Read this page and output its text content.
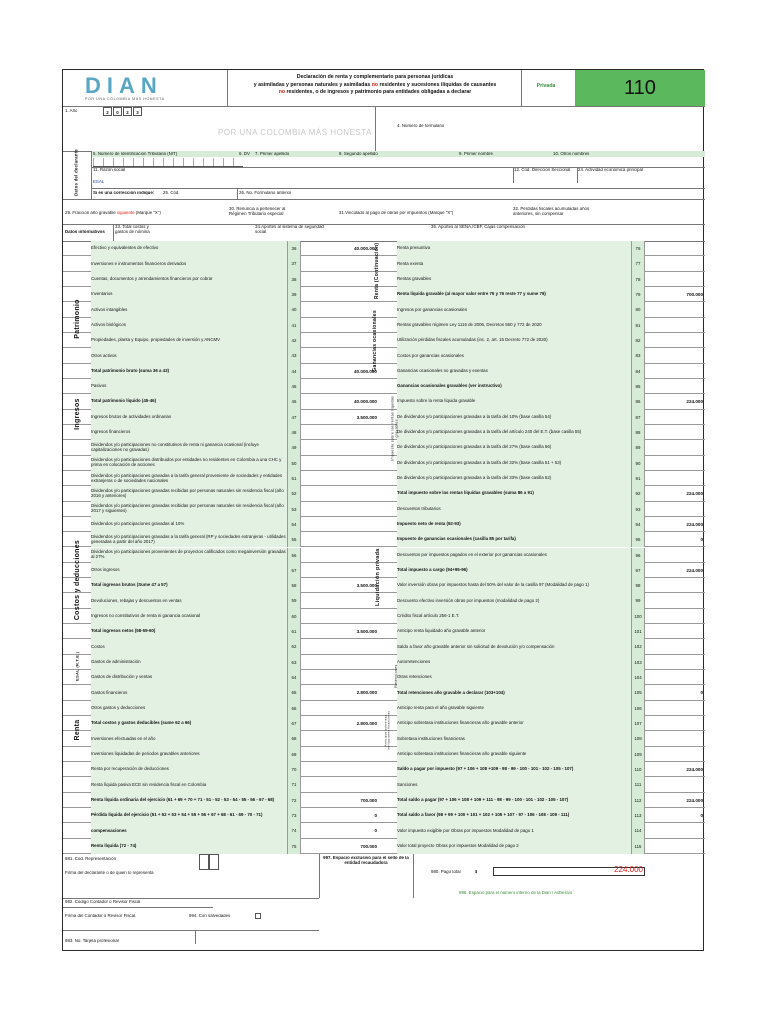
DIAN
POR UNA COLOMBIA MÁS HONESTA
Declaración de renta y complementario para personas jurídicas
y asimiladas y personas naturales y asimiladas no residentes y sucesiones ilíquidas de causantes
no residentes, o de ingresos y patrimonio para entidades obligadas a declarar
Privada	110
1. Año	2	0	2	3
POR UNA COLOMBIA MÁS HONESTA
4. Número de formulario
Datos del declarante	5. Número de Identificación Tributaria (NIT)	6. DV 7. Primer apellido	8. Segundo apellido	9. Primer nombre	10. Otros nombres
11. Razón social	12. Cód. Dirección Seccional 24. Actividad económica principal
ESAL
Si es una corrección indique: 25. Cód.	26. No. Formulario anterior
29. Fracción año gravable siguiente (Marque "X")
30. Renuncia a pertenecer al Régimen Tributario especial	31.Vinculado al pago de obras por impuestos (Marque "X")
32. Pérdidas fiscales acumuladas años anteriores, sin compensar
Datos informativos
33. Total costos y gastos de nómina
34.Aportes al sistema de seguridad social
35. Aportes al SENA,ICBF, Cajas compensación
Efectivo y equivalentes de efectivo	36	40.000.000
Inversiones e instrumentos financieros derivados	37
Cuentas, documentos y arrendamientos financieros por cobrar	38
Inventarios	39
Activos intangibles	40
Activos biológicos	41
Propiedades, planta y Equipo, propiedades de inversión y ANCMV	42
Otros activos	43
Total patrimonio bruto (suma 36 a 43)	44	40.000.000
Pasivos	45
Total patrimonio líquido (45-46)	46	40.000.000
Ingresos brutos de actividades ordinarias	47	3.500.000
Ingresos financieros	48
Dividendos y/o participaciones no constitutivos de renta ni ganancia ocasional (incluye capitalizaciones no gravadas)	49
Dividendos y/o participaciones distribuidos por entidades no residentes en Colombia a una CHC y prima en colocación de acciones	50
Dividendos y/o participaciones gravadas a la tarifa general proveniente de sociedades y entidades extranjeras o de sociedades nacionales	51
Dividendos y/o participaciones gravadas recibidas por personas naturales sin residencia fiscal (año 2016 y anteriores)	52
Dividendos y/o participaciones gravadas recibidas por personas naturales sin residencia fiscal (año 2017 y siguientes)	53
Dividendos y/o participaciones gravadas al 10%	54
Dividendos y/o participaciones gravadas a la tarifa general (RP y sociedades extranjeras - utilidades generadas a partir del año 2017)	55
Dividendos y/o participaciones provenientes de proyectos calificados como megainversión gravadas al 27%	56
Otros ingresos	57
Total ingresos brutos (Sume 47 a 57)	58	3.500.000
Devoluciones, rebajas y descuentos en ventas	59
Ingresos no constitutivos de renta ni ganancia ocasional	60
Total ingresos netos (58-59-60)	61	3.500.000
Costos	62
Gastos de administración	63
Gastos de distribución y ventas	64
Gastos financieros	65	2.800.000
Otros gastos y deducciones	66
Total costos y gastos deducibles (sume 62 a 66)	67	2.800.000
Inversiones efectuadas en el año	68
Inversiones liquidadas de periodos gravables anteriores	69
Renta por recuperación de deducciones	70
Renta líquida pasiva ECE sin residencia fiscal en Colombia	71
Renta líquida ordinaria del ejercicio (61 + 69 + 70 + 71 - 51 - 52 - 53 - 54 - 55 - 56 - 67 - 68)	72	700.000
Pérdida líquida del ejercicio (51 + 52 + 53 + 54 + 55 + 56 + 67 + 68 - 61 - 69 - 70 - 71)	73	0
compensaciones	74	0
Renta líquida (72 - 74)	75	700.000
Renta presuntiva	76
Renta exenta	77
Rentas gravables	78
Renta líquida gravable (al mayor valor entre 75 y 76 reste 77 y sume 78)	79	700.000
Ingresos por ganancias ocasionales	80
Rentas gravables régimen Ley 1116 de 2006, Decretos 560 y 772 de 2020	81
Utilización pérdidas fiscales acumuladas (inc. 2, art. 15 Decreto 772 de 2020)	82
Costos por ganancias ocasionales	83
Ganancias ocasionales no gravadas y exentas	84
Ganancias ocasionales gravables (ver instructivo)	85
Impuesto sobre la renta líquida gravable	86	224.000
De dividendos y/o participaciones gravadas a la tarifa del 10% (base casilla 54)	87
De dividendos y/o participaciones gravadas a la tarifa del artículo 240 del E.T. (base casilla 55)	88
De dividendos y/o participaciones gravadas a la tarifa del 27% (base casilla 56)	89
De dividendos y/o participaciones gravadas a la tarifa del 32% (base casilla 51 + 53)	90
De dividendos y/o participaciones gravadas a la tarifa del 33% (base casilla 52)	91
Total impuesto sobre las rentas líquidas gravables (suma 86 a 91)	92	224.000
Descuentos tributarios	93
Impuesto neto de renta (92-93)	94	224.000
Impuesto de ganancias ocasionales (casilla 85 por tarifa)	95	0
Descuentos por impuestos pagados en el exterior por ganancias ocasionales	96
Total impuesto a cargo (94+95-96)	97	224.000
Valor inversión obras por impuestos hasta del 50% del valor de la casilla 97 (Modalidad de pago 1)	98
Descuento efectivo inversión obras por impuestos (modalidad de pago 2)	99
Crédito fiscal artículo 256-1 E.T.	100
Anticipo renta liquidado año gravable anterior	101
Saldo a favor año gravable anterior sin solicitud de devolución y/o compensación	102
Autorretenciones	103
Otras retenciones	104
Total retenciones año gravable a declarar (103+104)	105	0
Anticipo renta para el año gravable siguiente	106
Anticipo sobretasa instituciones financieras año gravable anterior	107
Sobretasa instituciones financieras	108
Anticipo sobretasa instituciones financieras año gravable siguiente	109
Saldo a pagar por impuesto (97 + 106 + 108 +109 - 98 - 99 - 100 - 101 - 102 - 105 - 107)	110	224.000
Sanciones	111
Total saldo a pagar (97 + 106 + 108 + 109 + 111 - 98 - 99 - 100 - 101 - 102 - 105 - 107)	112	224.000
Total saldo a favor (98 + 99 + 100 + 101 + 102 + 105 + 107 - 97 - 106 - 108 - 109 - 111)	113	0
Valor impuesto exigible por Obras por impuestos Modalidad de pago 1	114
Valor total proyecto Obras por impuestos Modalidad de pago 2	115
Patrimonio
Ingresos
Costos y deducciones
ESAL (R.T.E.)
Renta
Renta (Continuación)
Ganancias ocasionales
Liquidación privada
Impuesto sobre las rentas líquidas gravables
Retenciones
Anticipos sobretasa instituciones financieras
981. Cód. Representación
Firma del declarante o de quien lo representa
997. Espacio exclusivo para el sello de la entidad recaudadora
980. Pago total	$	224.000
996. Espacio para el número interno de la Dian / Adhesivo
982. Código Contador o Revisor Fiscal
Firma del Contador o Revisor Fiscal.	994. Con salvedades
983. No. Tarjeta profesional
